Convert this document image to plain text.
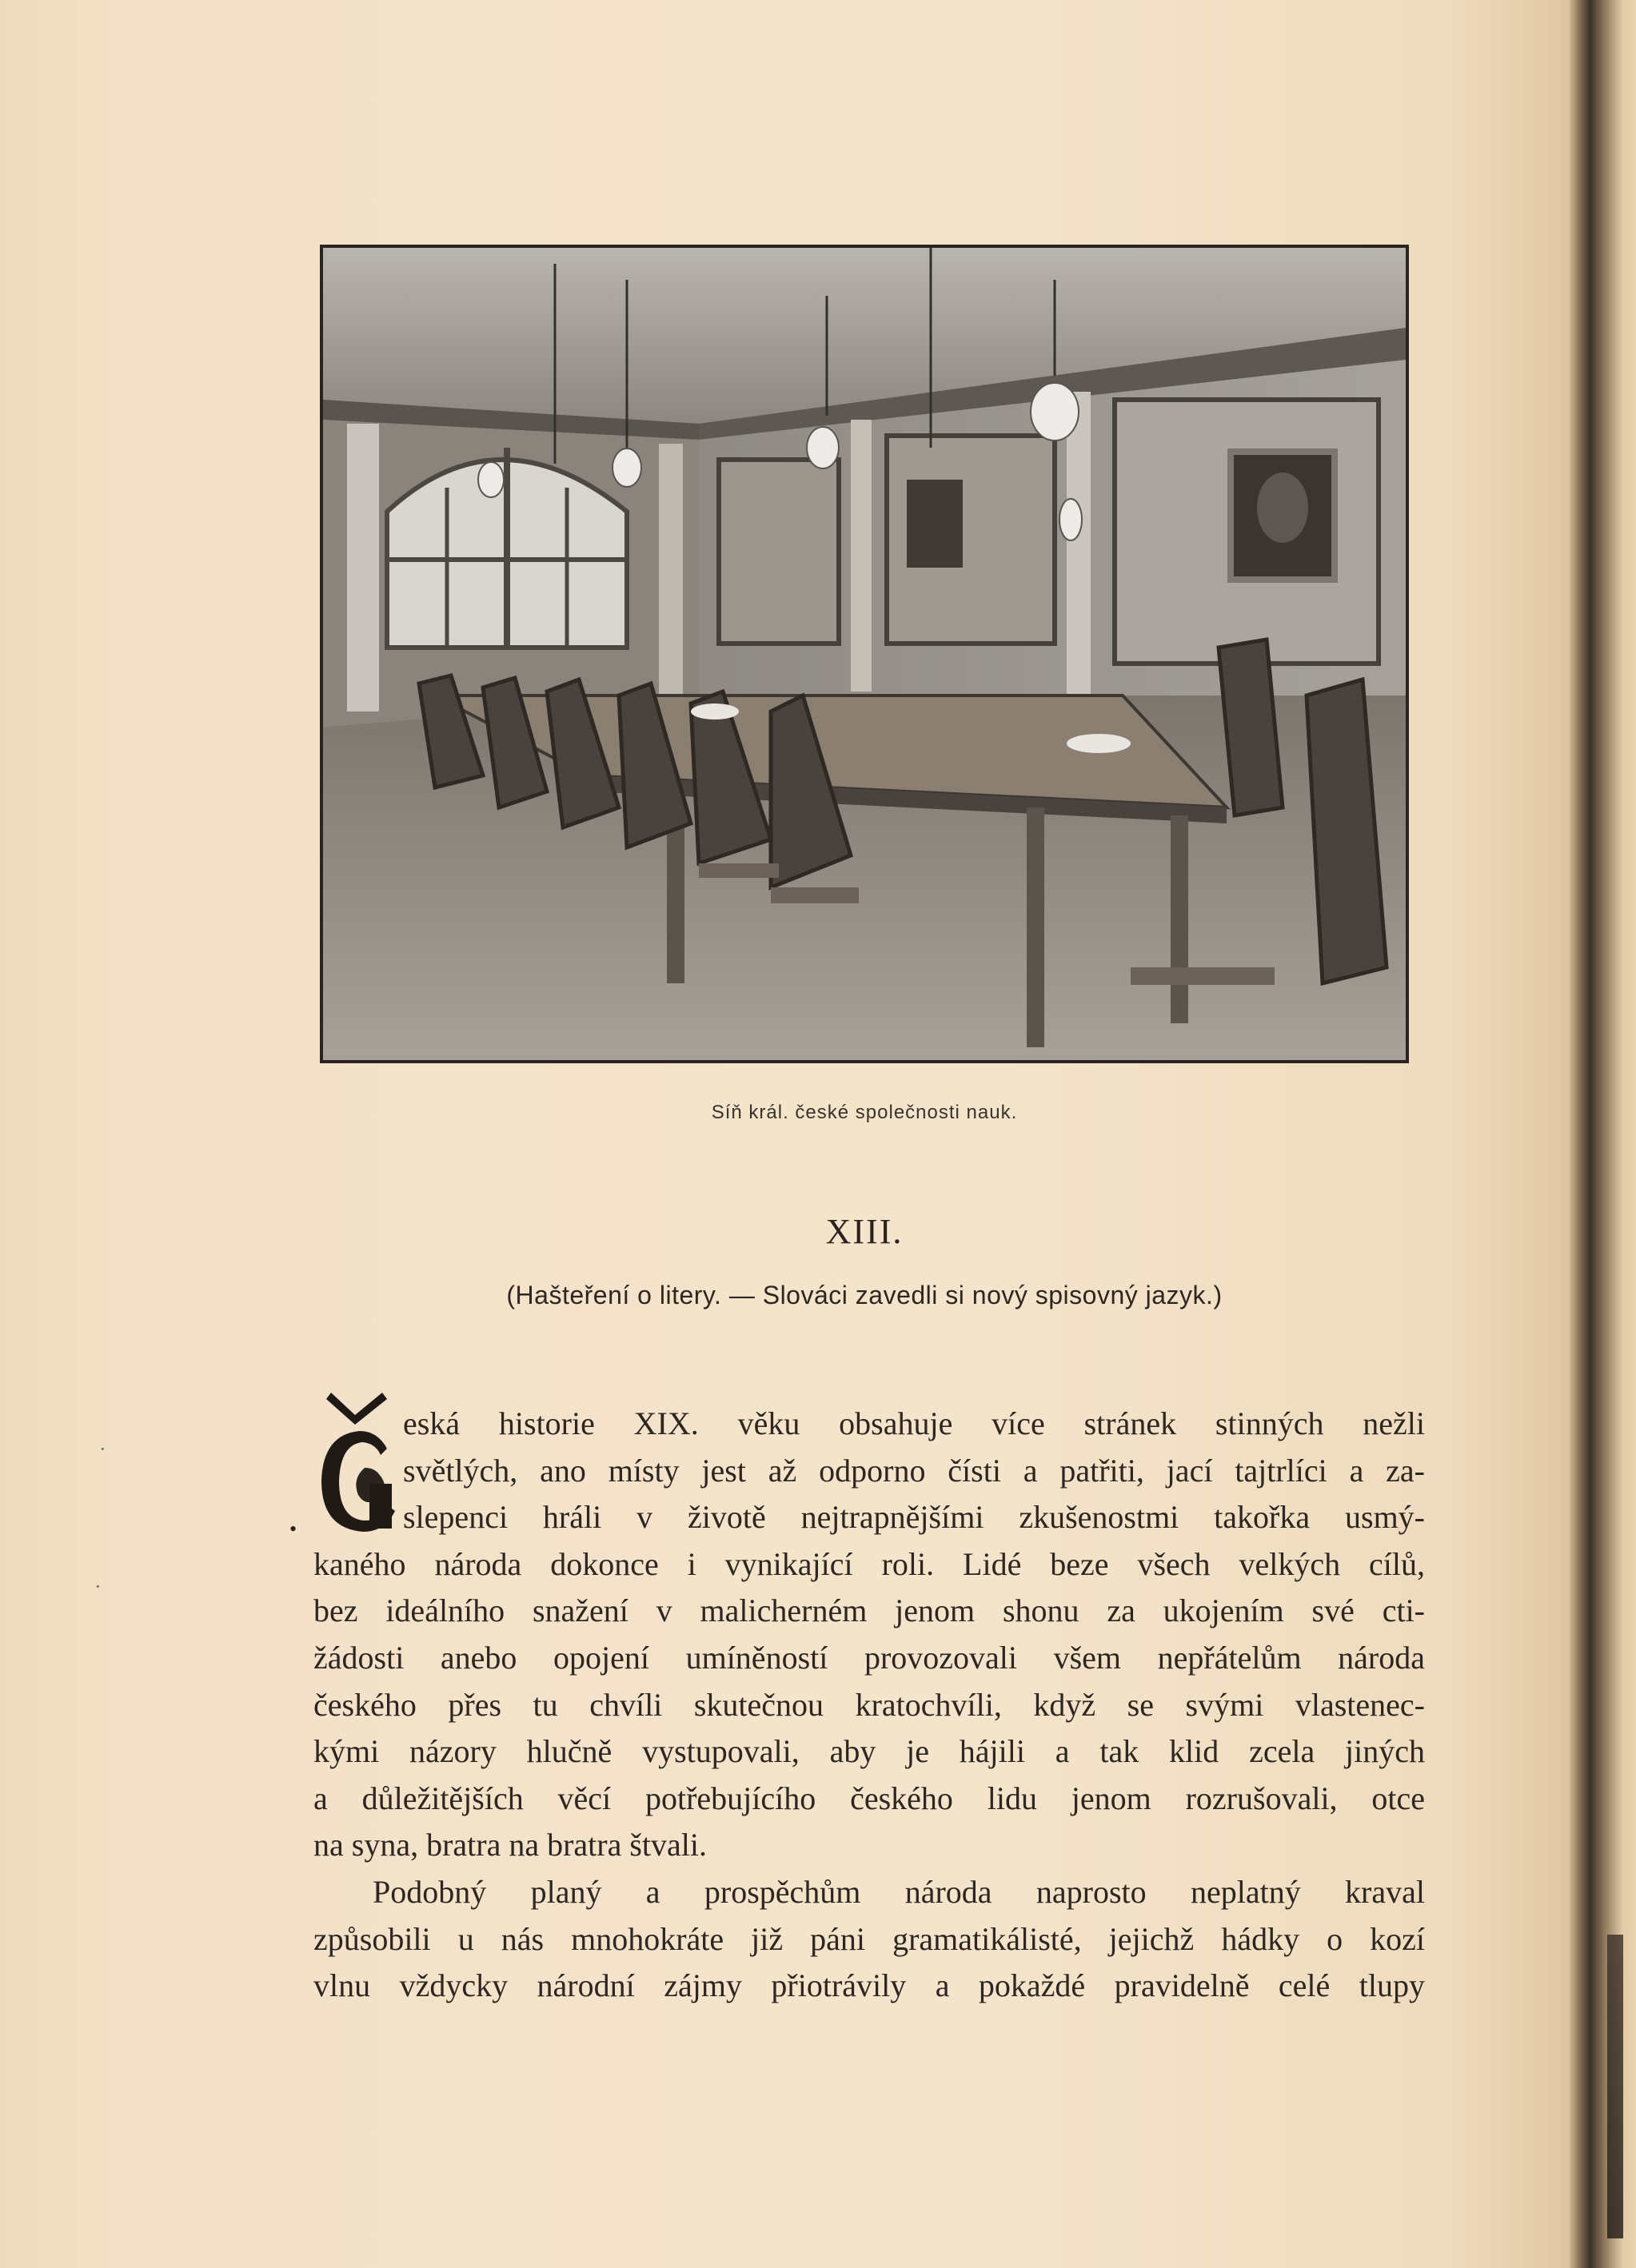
Síň král. české společnosti nauk.
XIII.
(Hašteření o litery. — Slováci zavedli si nový spisovný jazyk.)
Č
eská historie XIX. věku obsahuje více stránek stinných nežli
světlých, ano místy jest až odporno čísti a patřiti, jací tajtrlíci a za-
slepenci hráli v životě nejtrapnějšími zkušenostmi takořka usmý-
kaného národa dokonce i vynikající roli. Lidé beze všech velkých cílů,
bez ideálního snažení v malicherném jenom shonu za ukojením své cti-
žádosti anebo opojení umíněností provozovali všem nepřátelům národa
českého přes tu chvíli skutečnou kratochvíli, když se svými vlastenec-
kými názory hlučně vystupovali, aby je hájili a tak klid zcela jiných
a důležitějších věcí potřebujícího českého lidu jenom rozrušovali, otce
na syna, bratra na bratra štvali.
Podobný planý a prospěchům národa naprosto neplatný kraval
způsobili u nás mnohokráte již páni gramatikálisté, jejichž hádky o kozí
vlnu vždycky národní zájmy přiotrávily a pokaždé pravidelně celé tlupy
·
·
•
